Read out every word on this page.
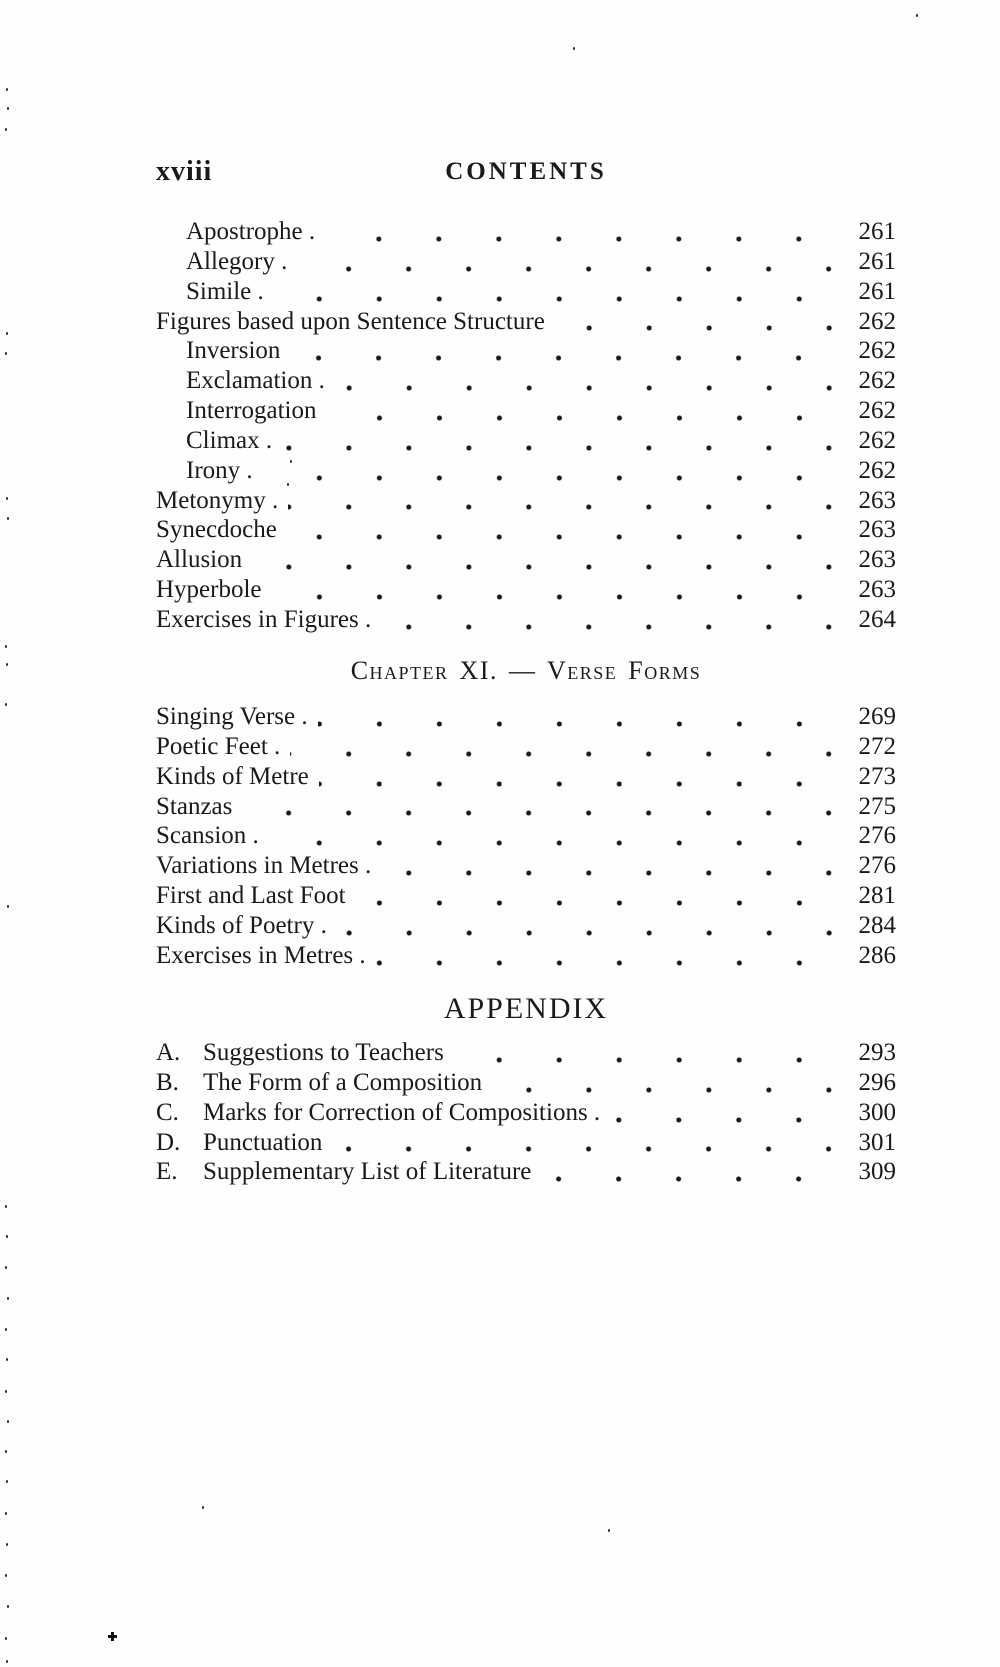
xviii	CONTENTS
Apostrophe .	261
Allegory .	261
Simile .	261
Figures based upon Sentence Structure	262
Inversion	262
Exclamation .	262
Interrogation	262
Climax .	262
Irony .	262
Metonymy .	263
Synecdoche	263
Allusion	263
Hyperbole	263
Exercises in Figures .	264
Chapter XI. — Verse Forms
Singing Verse .	269
Poetic Feet .	272
Kinds of Metre	273
Stanzas	275
Scansion .	276
Variations in Metres .	276
First and Last Foot	281
Kinds of Poetry .	284
Exercises in Metres .	286
APPENDIX
A. Suggestions to Teachers	293
B. The Form of a Composition	296
C. Marks for Correction of Compositions .	300
D. Punctuation	301
E.	Supplementary List of Literature	309
